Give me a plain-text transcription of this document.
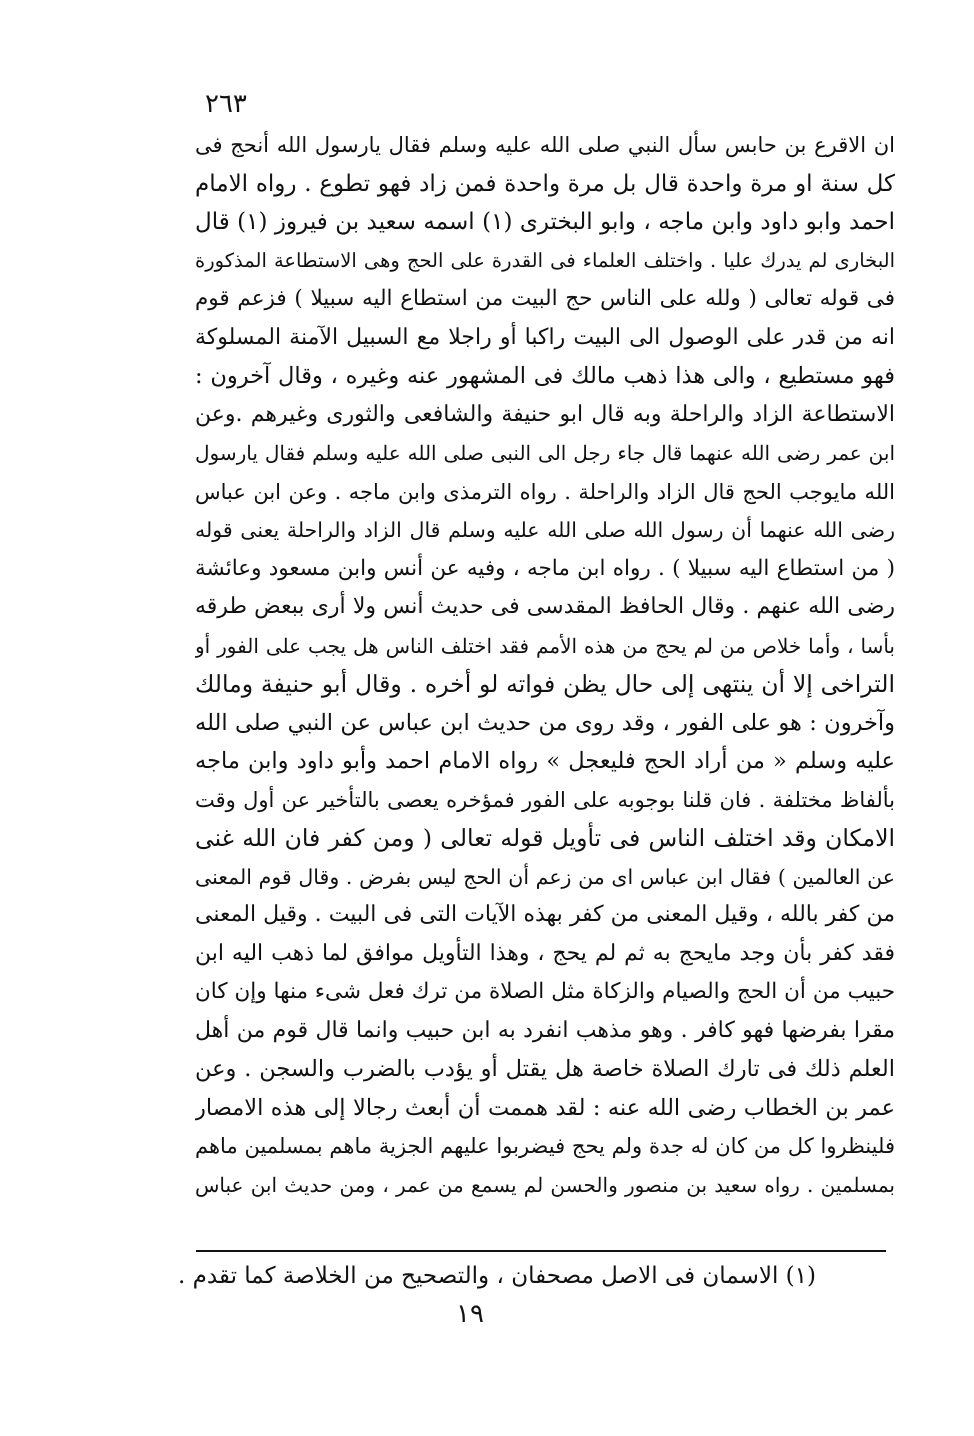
٢٦٣
ان الاقرع بن حابس سأل النبي صلى الله عليه وسلم فقال يارسول الله أنحج فى
كل سنة او مرة واحدة قال بل مرة واحدة فمن زاد فهو تطوع . رواه الامام
احمد وابو داود وابن ماجه ، وابو البخترى (١) اسمه سعيد بن فيروز (١) قال
البخارى لم يدرك عليا . واختلف العلماء فى القدرة على الحج وهى الاستطاعة المذكورة
فى قوله تعالى ( ولله على الناس حج البيت من استطاع اليه سبيلا ) فزعم قوم
انه من قدر على الوصول الى البيت راكبا أو راجلا مع السبيل الآمنة المسلوكة
فهو مستطيع ، والى هذا ذهب مالك فى المشهور عنه وغيره ، وقال آخرون :
الاستطاعة الزاد والراحلة وبه قال ابو حنيفة والشافعى والثورى وغيرهم .وعن
ابن عمر رضى الله عنهما قال جاء رجل الى النبى صلى الله عليه وسلم فقال يارسول
الله مايوجب الحج قال الزاد والراحلة . رواه الترمذى وابن ماجه . وعن ابن عباس
رضى الله عنهما أن رسول الله صلى الله عليه وسلم قال الزاد والراحلة يعنى قوله
( من استطاع اليه سبيلا ) . رواه ابن ماجه ، وفيه عن أنس وابن مسعود وعائشة
رضى الله عنهم . وقال الحافظ المقدسى فى حديث أنس ولا أرى ببعض طرقه
بأسا ، وأما خلاص من لم يحج من هذه الأمم فقد اختلف الناس هل يجب على الفور أو
التراخى إلا أن ينتهى إلى حال يظن فواته لو أخره . وقال أبو حنيفة ومالك
وآخرون : هو على الفور ، وقد روى من حديث ابن عباس عن النبي صلى الله
عليه وسلم « من أراد الحج فليعجل » رواه الامام احمد وأبو داود وابن ماجه
بألفاظ مختلفة . فان قلنا بوجوبه على الفور فمؤخره يعصى بالتأخير عن أول وقت
الامكان وقد اختلف الناس فى تأويل قوله تعالى ( ومن كفر فان الله غنى
عن العالمين ) فقال ابن عباس اى من زعم أن الحج ليس بفرض . وقال قوم المعنى
من كفر بالله ، وقيل المعنى من كفر بهذه الآيات التى فى البيت . وقيل المعنى
فقد كفر بأن وجد مايحج به ثم لم يحج ، وهذا التأويل موافق لما ذهب اليه ابن
حبيب من أن الحج والصيام والزكاة مثل الصلاة من ترك فعل شىء منها وإن كان
مقرا بفرضها فهو كافر . وهو مذهب انفرد به ابن حبيب وانما قال قوم من أهل
العلم ذلك فى تارك الصلاة خاصة هل يقتل أو يؤدب بالضرب والسجن . وعن
عمر بن الخطاب رضى الله عنه : لقد هممت أن أبعث رجالا إلى هذه الامصار
فلينظروا كل من كان له جدة ولم يحج فيضربوا عليهم الجزية ماهم بمسلمين ماهم
بمسلمين . رواه سعيد بن منصور والحسن لم يسمع من عمر ، ومن حديث ابن عباس
(١) الاسمان فى الاصل مصحفان ، والتصحيح من الخلاصة كما تقدم .
١٩
